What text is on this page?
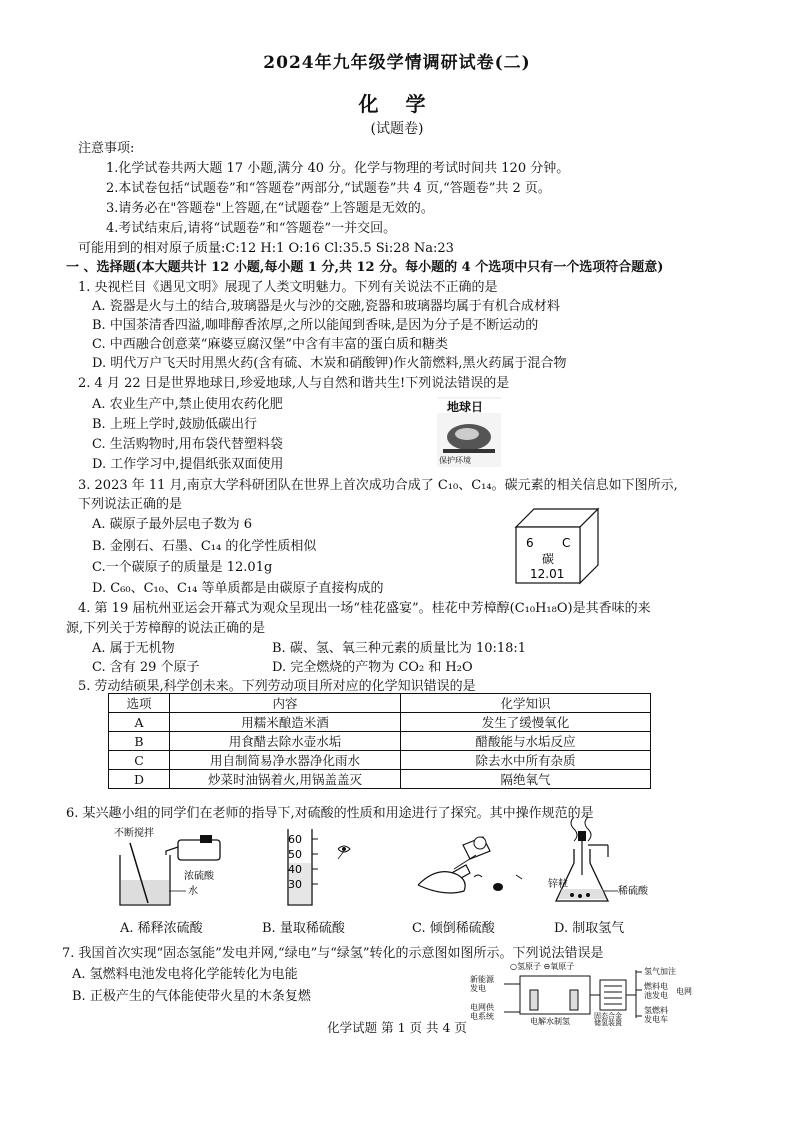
2024年九年级学情调研试卷(二)
化 学
(试题卷)
注意事项:
1.化学试卷共两大题 17 小题,满分 40 分。化学与物理的考试时间共 120 分钟。
2.本试卷包括“试题卷”和“答题卷”两部分,“试题卷”共 4 页,“答题卷”共 2 页。
3.请务必在"答题卷"上答题,在“试题卷”上答题是无效的。
4.考试结束后,请将“试题卷”和“答题卷”一并交回。
可能用到的相对原子质量:C:12 H:1 O:16 Cl:35.5 Si:28 Na:23
一 、选择题(本大题共计 12 小题,每小题 1 分,共 12 分。每小题的 4 个选项中只有一个选项符合题意)
1. 央视栏目《遇见文明》展现了人类文明魅力。下列有关说法不正确的是
A. 瓷器是火与土的结合,玻璃器是火与沙的交融,瓷器和玻璃器均属于有机合成材料
B. 中国茶清香四溢,咖啡醇香浓厚,之所以能闻到香味,是因为分子是不断运动的
C. 中西融合创意菜“麻婆豆腐汉堡”中含有丰富的蛋白质和糖类
D. 明代万户飞天时用黑火药(含有硫、木炭和硝酸钾)作火箭燃料,黑火药属于混合物
2. 4 月 22 日是世界地球日,珍爱地球,人与自然和谐共生!下列说法错误的是
A. 农业生产中,禁止使用农药化肥
B. 上班上学时,鼓励低碳出行
C. 生活购物时,用布袋代替塑料袋
D. 工作学习中,提倡纸张双面使用
地球日
保护环境
3. 2023 年 11 月,南京大学科研团队在世界上首次成功合成了 C₁₀、C₁₄。碳元素的相关信息如下图所示,
下列说法正确的是
A. 碳原子最外层电子数为 6
B. 金刚石、石墨、C₁₄ 的化学性质相似
C.一个碳原子的质量是 12.01g
D. C₆₀、C₁₀、C₁₄ 等单质都是由碳原子直接构成的
6 C
碳
12.01
4. 第 19 届杭州亚运会开幕式为观众呈现出一场“桂花盛宴”。桂花中芳樟醇(C₁₀H₁₈O)是其香味的来
源,下列关于芳樟醇的说法正确的是
A. 属于无机物	B. 碳、氢、氧三种元素的质量比为 10:18:1
C. 含有 29 个原子	D. 完全燃烧的产物为 CO₂ 和 H₂O
5. 劳动结硕果,科学创未来。下列劳动项目所对应的化学知识错误的是
选项	内容	化学知识
A	用糯米酿造米酒	发生了缓慢氧化
B	用食醋去除水壶水垢	醋酸能与水垢反应
C	用自制简易净水器净化雨水	除去水中所有杂质
D	炒菜时油锅着火,用锅盖盖灭	隔绝氧气
6. 某兴趣小组的同学们在老师的指导下,对硫酸的性质和用途进行了探究。其中操作规范的是
不断搅拌
浓硫酸
水
60
50
40
30	锌粒
稀硫酸
A. 稀释浓硫酸	B. 量取稀硫酸	C. 倾倒稀硫酸	D. 制取氢气
7. 我国首次实现“固态氢能”发电并网,“绿电”与“绿氢”转化的示意图如图所示。下列说法错误是
A. 氢燃料电池发电将化学能转化为电能
B. 正极产生的气体能使带火星的木条复燃
○氢原子 ⊖氧原子
新能源
发电
电网供
电系统
电解水制氢
固态合金
储氢装置
氢气加注
燃料电
池发电 电网
氢燃料
发电车
化学试题 第 1 页 共 4 页
